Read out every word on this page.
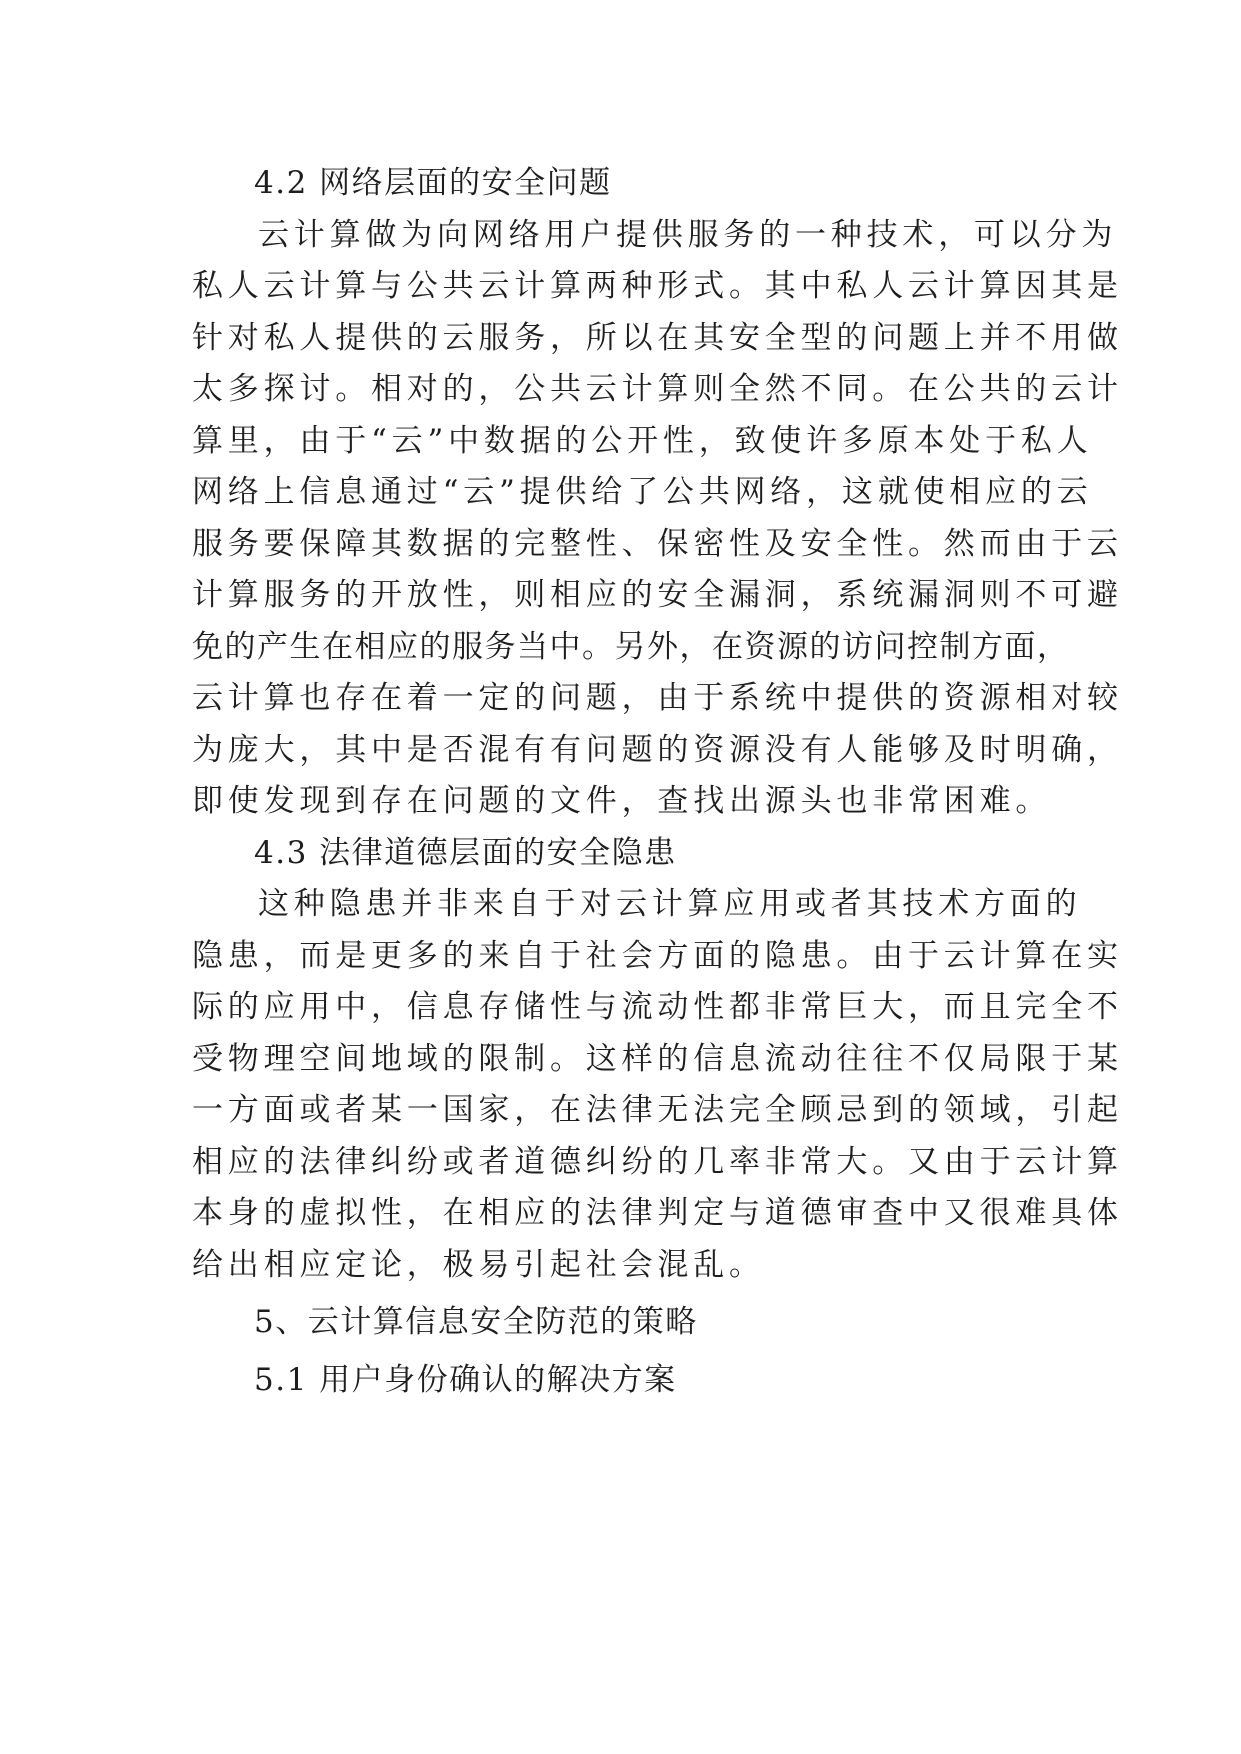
4.2 网络层面的安全问题
云计算做为向网络用户提供服务的一种技术，可以分为
私人云计算与公共云计算两种形式。其中私人云计算因其是
针对私人提供的云服务，所以在其安全型的问题上并不用做
太多探讨。相对的，公共云计算则全然不同。在公共的云计
算里，由于“云”中数据的公开性，致使许多原本处于私人
网络上信息通过“云”提供给了公共网络，这就使相应的云
服务要保障其数据的完整性、保密性及安全性。然而由于云
计算服务的开放性，则相应的安全漏洞，系统漏洞则不可避
免的产生在相应的服务当中。另外，在资源的访问控制方面，
云计算也存在着一定的问题，由于系统中提供的资源相对较
为庞大，其中是否混有有问题的资源没有人能够及时明确，
即使发现到存在问题的文件，查找出源头也非常困难。
4.3 法律道德层面的安全隐患
这种隐患并非来自于对云计算应用或者其技术方面的
隐患，而是更多的来自于社会方面的隐患。由于云计算在实
际的应用中，信息存储性与流动性都非常巨大，而且完全不
受物理空间地域的限制。这样的信息流动往往不仅局限于某
一方面或者某一国家，在法律无法完全顾忌到的领域，引起
相应的法律纠纷或者道德纠纷的几率非常大。又由于云计算
本身的虚拟性，在相应的法律判定与道德审查中又很难具体
给出相应定论，极易引起社会混乱。
5、云计算信息安全防范的策略
5.1 用户身份确认的解决方案
